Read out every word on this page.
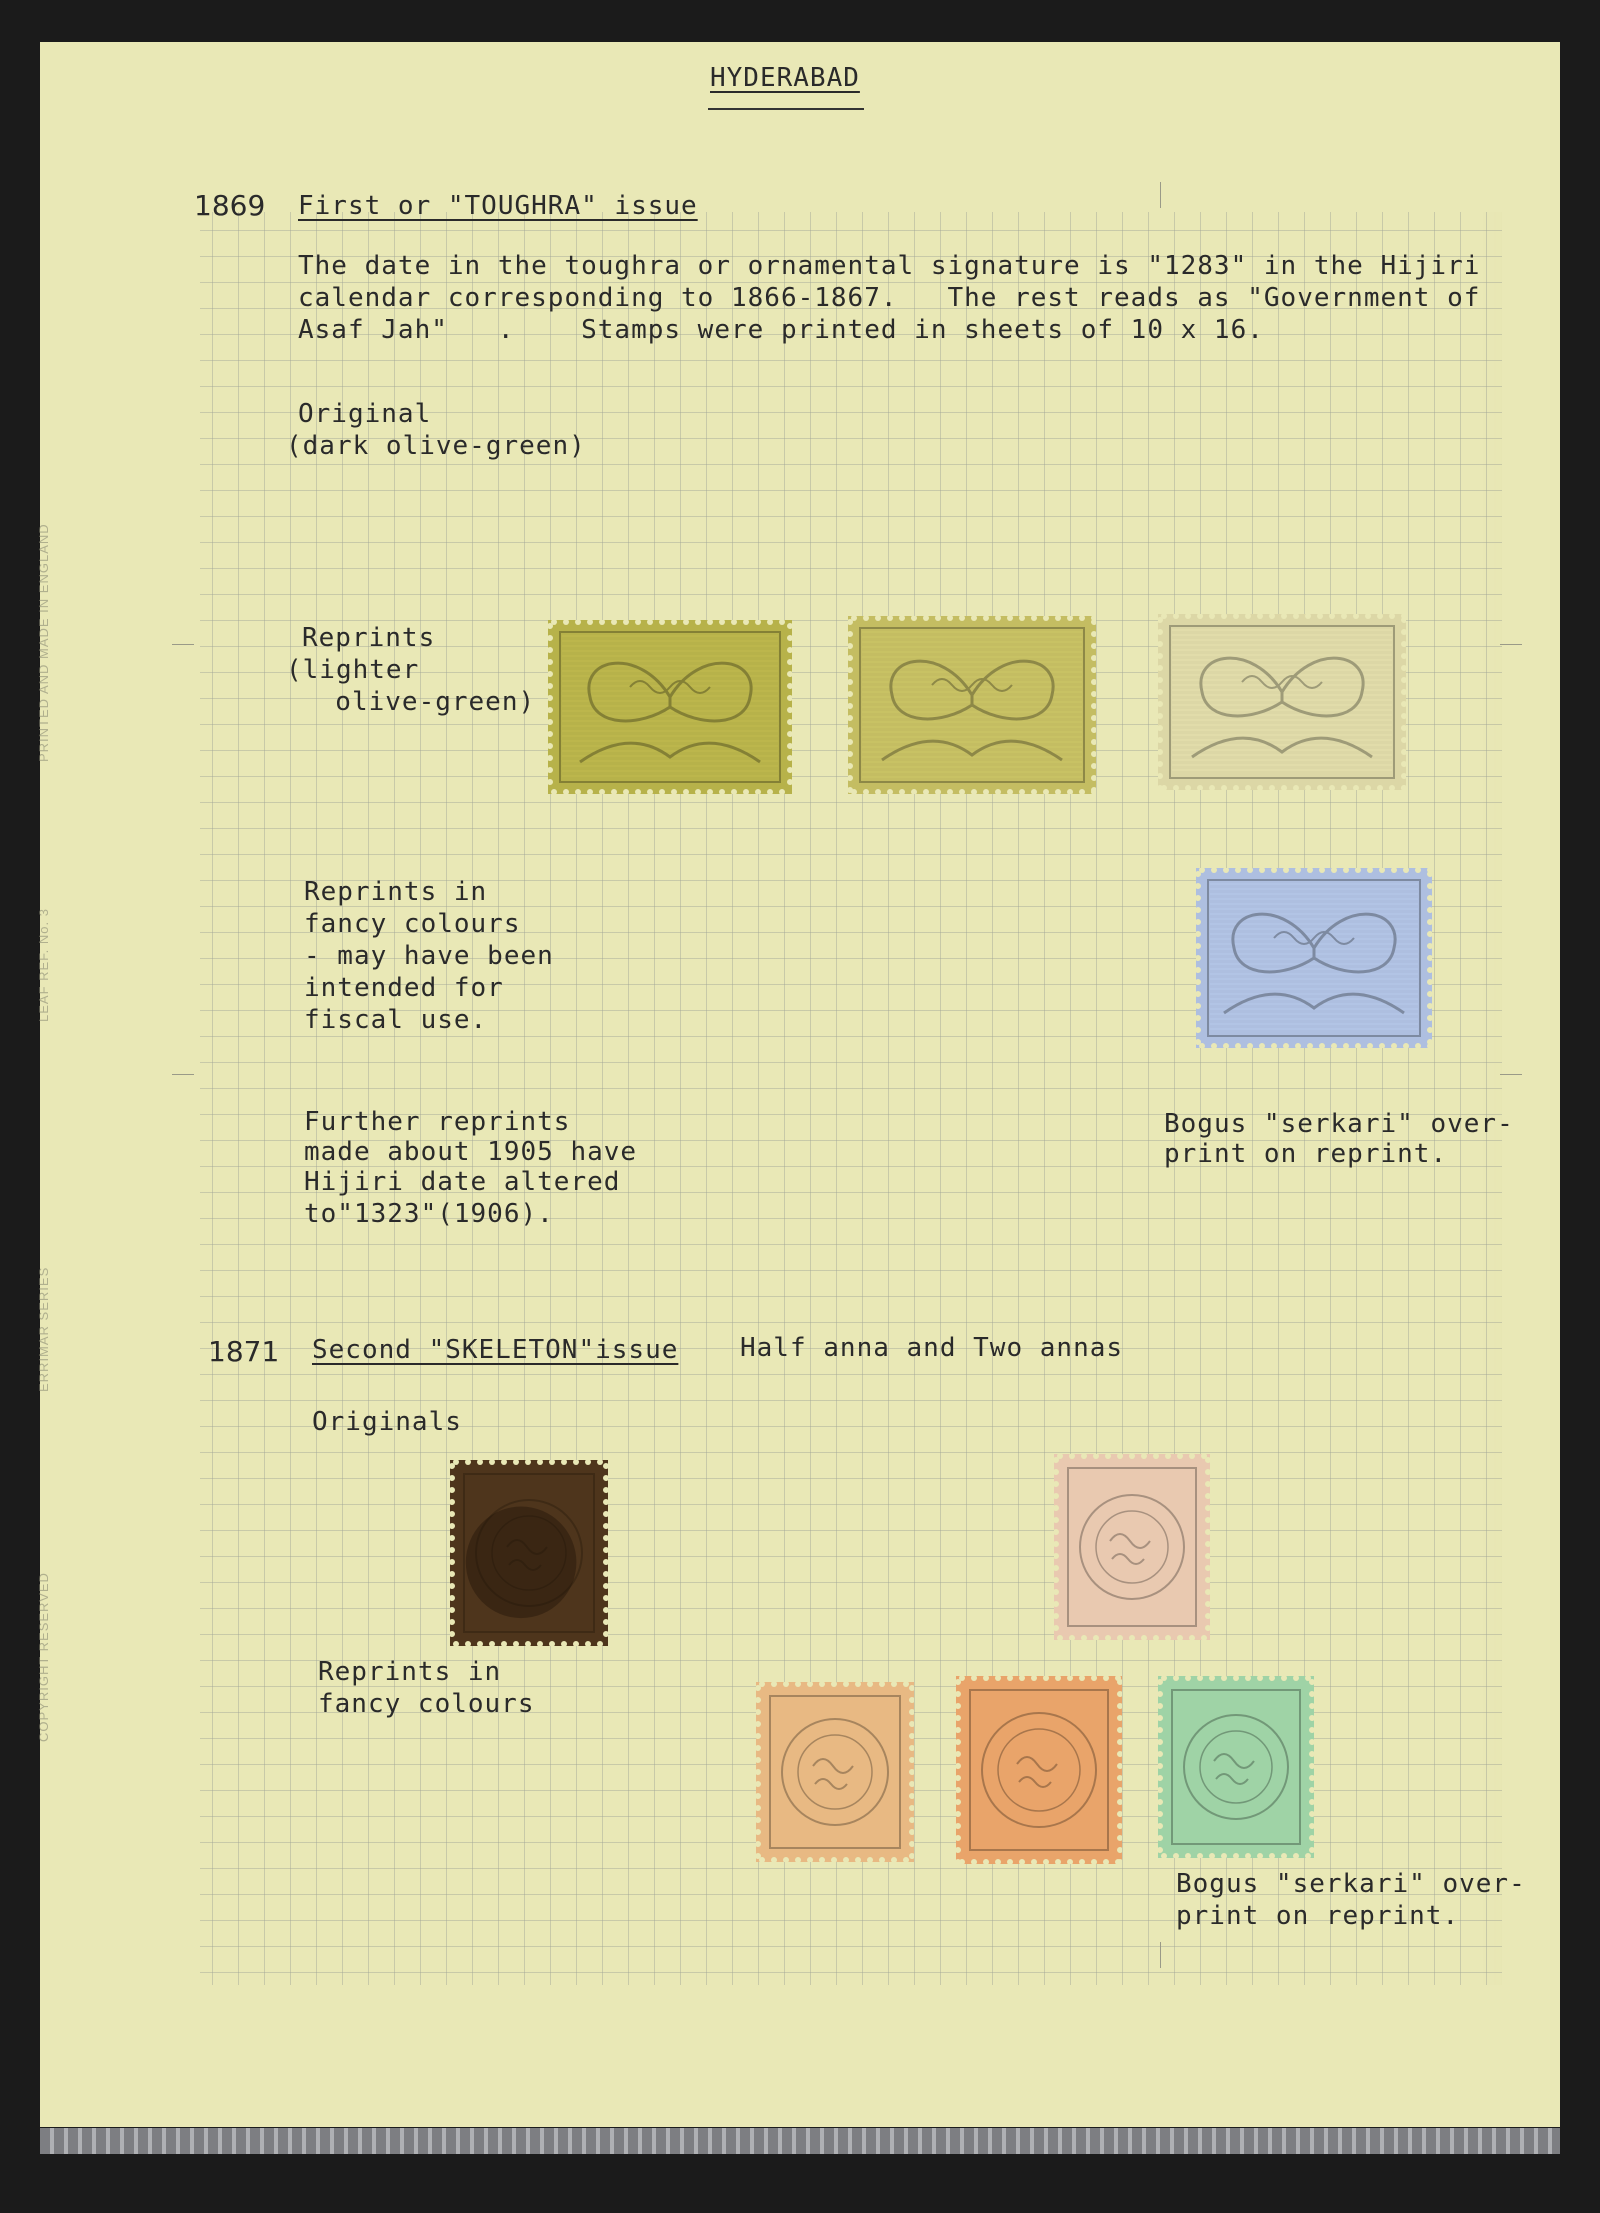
PRINTED AND MADE IN ENGLAND
LEAF REF. No. 3
ERRIMAR SERIES
COPYRIGHT RESERVED
HYDERABAD
1869 First or "TOUGHRA" issue
The date in the toughra or ornamental signature is "1283" in the Hijiri
calendar corresponding to 1866-1867.   The rest reads as "Government of
Asaf Jah"   .    Stamps were printed in sheets of 10 x 16.
Original
(dark olive-green)
Reprints
(lighter
olive-green)
Reprints in
fancy colours
- may have been
intended for
fiscal use.
Further reprints
made about 1905 have
Hijiri date altered
to"1323"(1906).
Bogus "serkari" over-
print on reprint.
1871 Second "SKELETON"issue Half anna and Two annas
Originals
Reprints in
fancy colours
Bogus "serkari" over-
print on reprint.
